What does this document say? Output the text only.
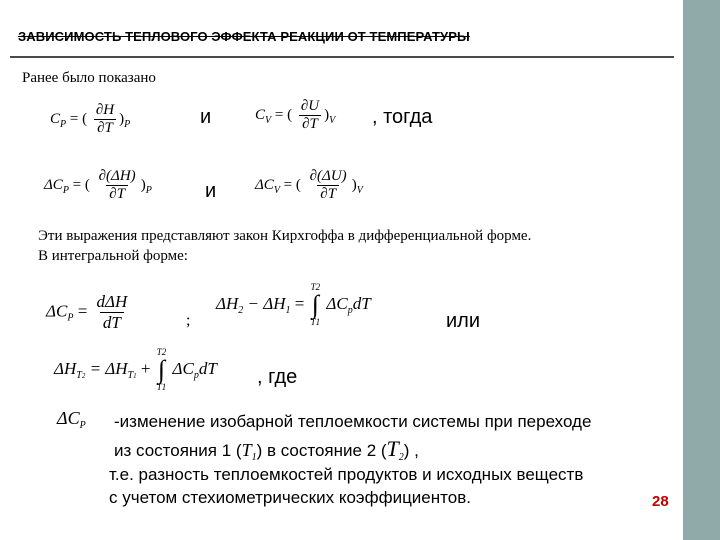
ЗАВИСИМОСТЬ ТЕПЛОВОГО ЭФФЕКТА РЕАКЦИИ ОТ ТЕМПЕРАТУРЫ
Ранее было показано
$C_P$ = ( $\frac{\partial H}{\partial T} )_P$	и	$C_V$ = ( $\frac{\partial U}{\partial T} )_V$ , тогда
$\Delta C_P$ = ( $\frac{\partial(\Delta H)}{\partial T} )_P$	и	$\Delta C_V$ = ( $\frac{\partial(\Delta U)}{\partial T} )_V$
Эти выражения представляют закон Кирхгоффа в дифференциальной форме.
В интегральной форме:
$\Delta C_P = \frac{\text{dΔH}}{dT}$	;
$\Delta H_2 - \Delta H_1$ =
T2
∫
T1
$\Delta C_pdT$
или
$\Delta H_{T2} = \Delta H_{T1}$ +
T2
∫
T1
$\Delta C_pdT$ , где
$\Delta C_P$ -изменение изобарной теплоемкости системы при переходе
из состояния 1 $(T_1)$ в состояние 2 $(T_2)$ ,
т.е. разность теплоемкостей продуктов и исходных веществ
с учетом стехиометрических коэффициентов.	28
